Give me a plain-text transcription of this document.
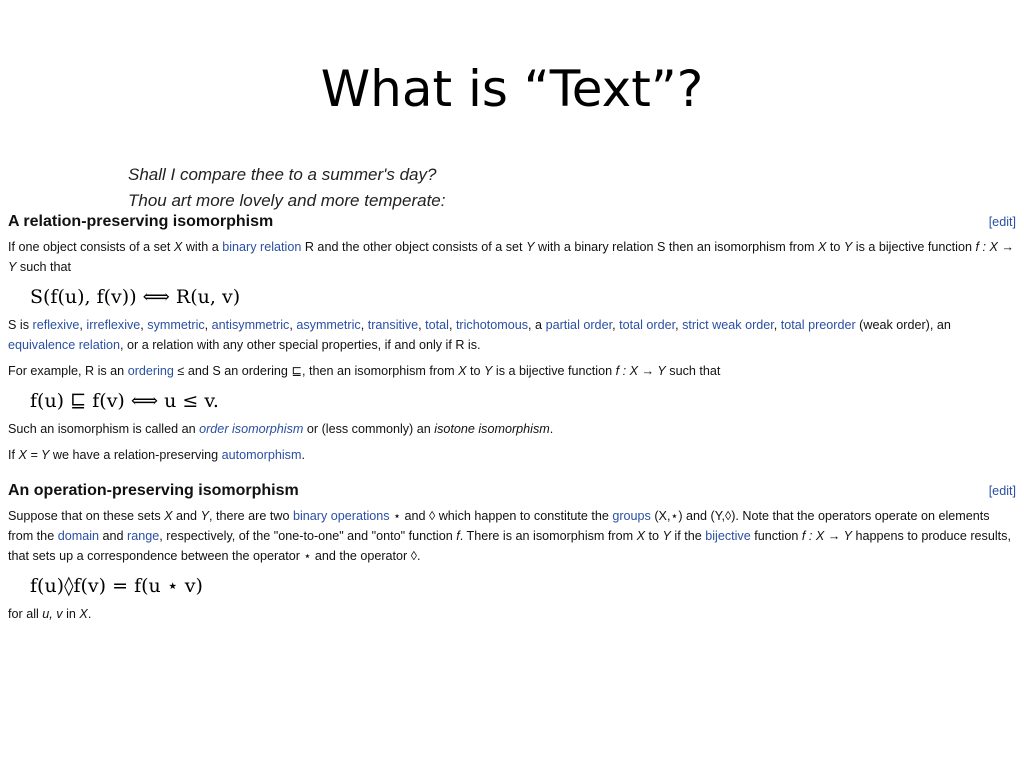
What is “Text”?
Shall I compare thee to a summer's day?
Thou art more lovely and more temperate:
A relation-preserving isomorphism	[edit]

If one object consists of a set X with a binary relation R and the other object consists of a set Y with a binary relation S then an isomorphism from X to Y is a bijective function f : X → Y such that

S(f(u), f(v)) ⟺ R(u, v)

S is reflexive, irreflexive, symmetric, antisymmetric, asymmetric, transitive, total, trichotomous, a partial order, total order, strict weak order, total preorder (weak order), an equivalence relation, or a relation with any other special properties, if and only if R is.

For example, R is an ordering ≤ and S an ordering ⊑, then an isomorphism from X to Y is a bijective function f : X → Y such that

f(u) ⊑ f(v) ⟺ u ≤ v.

Such an isomorphism is called an order isomorphism or (less commonly) an isotone isomorphism.

If X = Y we have a relation-preserving automorphism.

An operation-preserving isomorphism	[edit]

Suppose that on these sets X and Y, there are two binary operations ⋆ and ◊ which happen to constitute the groups (X,⋆) and (Y,◊). Note that the operators operate on elements from the domain and range, respectively, of the "one-to-one" and "onto" function f. There is an isomorphism from X to Y if the bijective function f : X → Y happens to produce results, that sets up a correspondence between the operator ⋆ and the operator ◊.

f(u)◊f(v) = f(u ⋆ v)

for all u, v in X.
